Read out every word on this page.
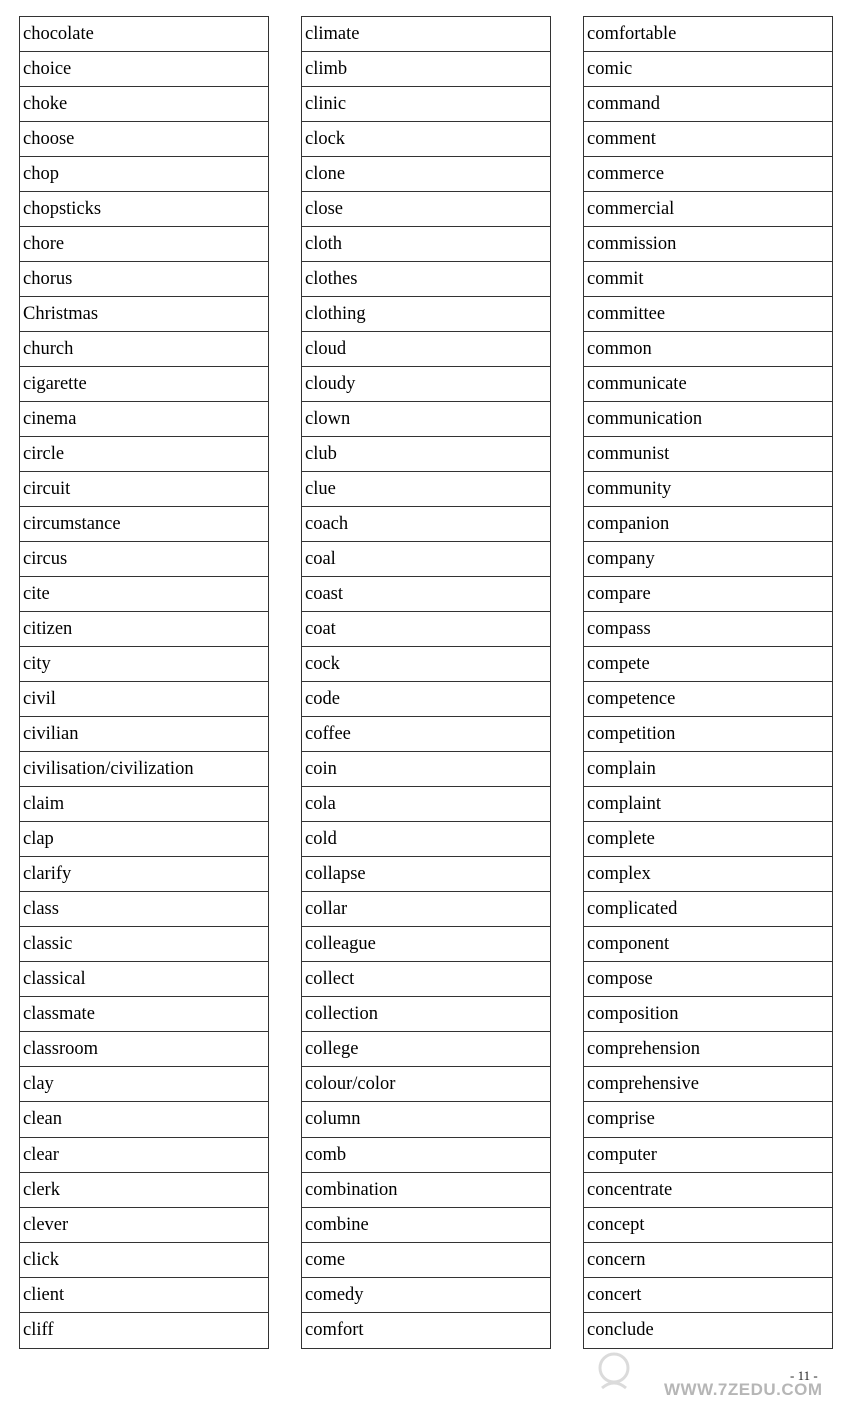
chocolate
choice
choke
choose
chop
chopsticks
chore
chorus
Christmas
church
cigarette
cinema
circle
circuit
circumstance
circus
cite
citizen
city
civil
civilian
civilisation/civilization
claim
clap
clarify
class
classic
classical
classmate
classroom
clay
clean
clear
clerk
clever
click
client
cliff
climate
climb
clinic
clock
clone
close
cloth
clothes
clothing
cloud
cloudy
clown
club
clue
coach
coal
coast
coat
cock
code
coffee
coin
cola
cold
collapse
collar
colleague
collect
collection
college
colour/color
column
comb
combination
combine
come
comedy
comfort
comfortable
comic
command
comment
commerce
commercial
commission
commit
committee
common
communicate
communication
communist
community
companion
company
compare
compass
compete
competence
competition
complain
complaint
complete
complex
complicated
component
compose
composition
comprehension
comprehensive
comprise
computer
concentrate
concept
concern
concert
conclude
WWW.7ZEDU.COM
- 11 -
